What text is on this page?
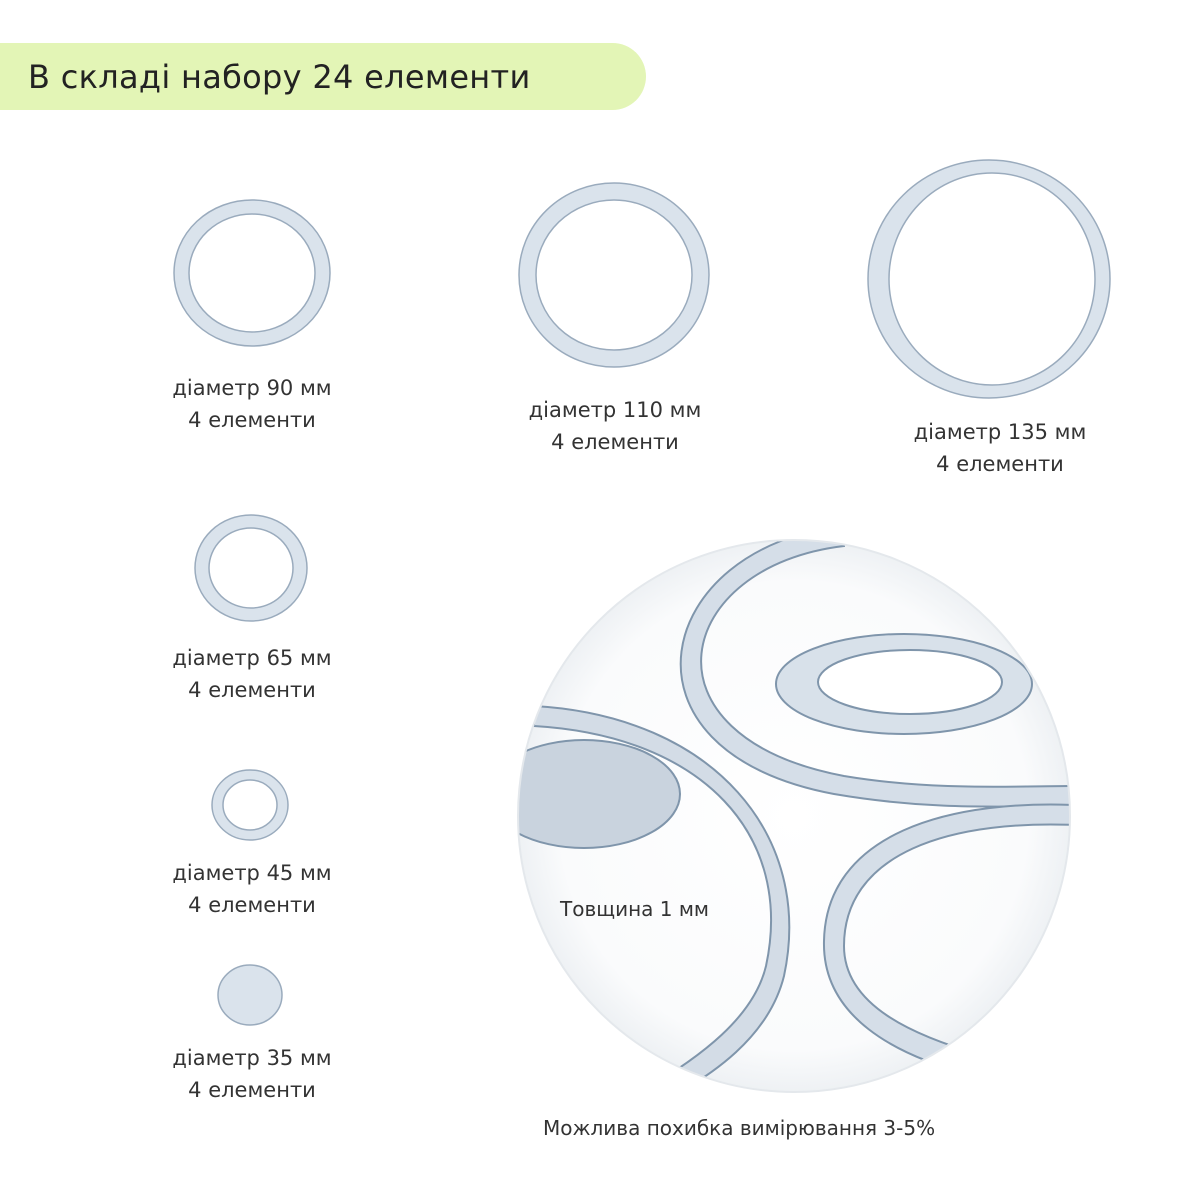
В складі набору 24 елементи
діаметр 90 мм
4 елементи	діаметр 110 мм
4 елементи	діаметр 135 мм
4 елементи
діаметр 65 мм
4 елементи
діаметр 45 мм
4 елементи
діаметр 35 мм
4 елементи
Товщина 1 мм
Можлива похибка вимірювання 3-5%
